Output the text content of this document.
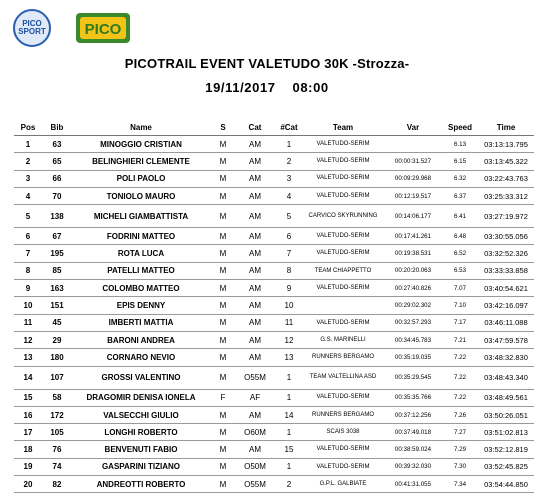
PICO SPORT	PICO
PICOTRAIL EVENT VALETUDO 30K -Strozza-
19/11/2017 08:00
Pos	Bib	Name	S	Cat	#Cat	Team	Var	Speed	Time
1	63	MINOGGIO CRISTIAN	M	AM	1	VALETUDO-SERIM		6.13	03:13:13.795
2	65	BELINGHIERI CLEMENTE	M	AM	2	VALETUDO-SERIM	00:00:31.527	6.15	03:13:45.322
3	66	POLI PAOLO	M	AM	3	VALETUDO-SERIM	00:09:29.968	6.32	03:22:43.763
4	70	TONIOLO MAURO	M	AM	4	VALETUDO-SERIM	00:12:19.517	6.37	03:25:33.312
5	138	MICHELI GIAMBATTISTA	M	AM	5	CARVICO SKYRUNNING	00:14:06.177	6.41	03:27:19.972
6	67	FODRINI MATTEO	M	AM	6	VALETUDO-SERIM	00:17:41.261	6.48	03:30:55.056
7	195	ROTA LUCA	M	AM	7	VALETUDO-SERIM	00:19:38.531	6.52	03:32:52.326
8	85	PATELLI MATTEO	M	AM	8	TEAM CHIAPPETTO	00:20:20.063	6.53	03:33:33.858
9	163	COLOMBO MATTEO	M	AM	9	VALETUDO-SERIM	00:27:40.826	7.07	03:40:54.621
10	151	EPIS DENNY	M	AM	10		00:29:02.302	7.10	03:42:16.097
11	45	IMBERTI MATTIA	M	AM	11	VALETUDO-SERIM	00:32:57.293	7.17	03:46:11.088
12	29	BARONI ANDREA	M	AM	12	G.S. MARINELLI	00:34:45.783	7.21	03:47:59.578
13	180	CORNARO NEVIO	M	AM	13	RUNNERS BERGAMO	00:35:19.035	7.22	03:48:32.830
14	107	GROSSI VALENTINO	M	O55M	1	TEAM VALTELLINA ASD	00:35:29.545	7.22	03:48:43.340
15	58	DRAGOMIR DENISA IONELA	F	AF	1	VALETUDO-SERIM	00:35:35.766	7.22	03:48:49.561
16	172	VALSECCHI GIULIO	M	AM	14	RUNNERS BERGAMO	00:37:12.256	7.26	03:50:26.051
17	105	LONGHI ROBERTO	M	O60M	1	SCAIS 3038	00:37:49.018	7.27	03:51:02.813
18	76	BENVENUTI FABIO	M	AM	15	VALETUDO-SERIM	00:38:59.024	7.29	03:52:12.819
19	74	GASPARINI TIZIANO	M	O50M	1	VALETUDO-SERIM	00:39:32.030	7.30	03:52:45.825
20	82	ANDREOTTI ROBERTO	M	O55M	2	G.P.L. GALBIATE	00:41:31.055	7.34	03:54:44.850
